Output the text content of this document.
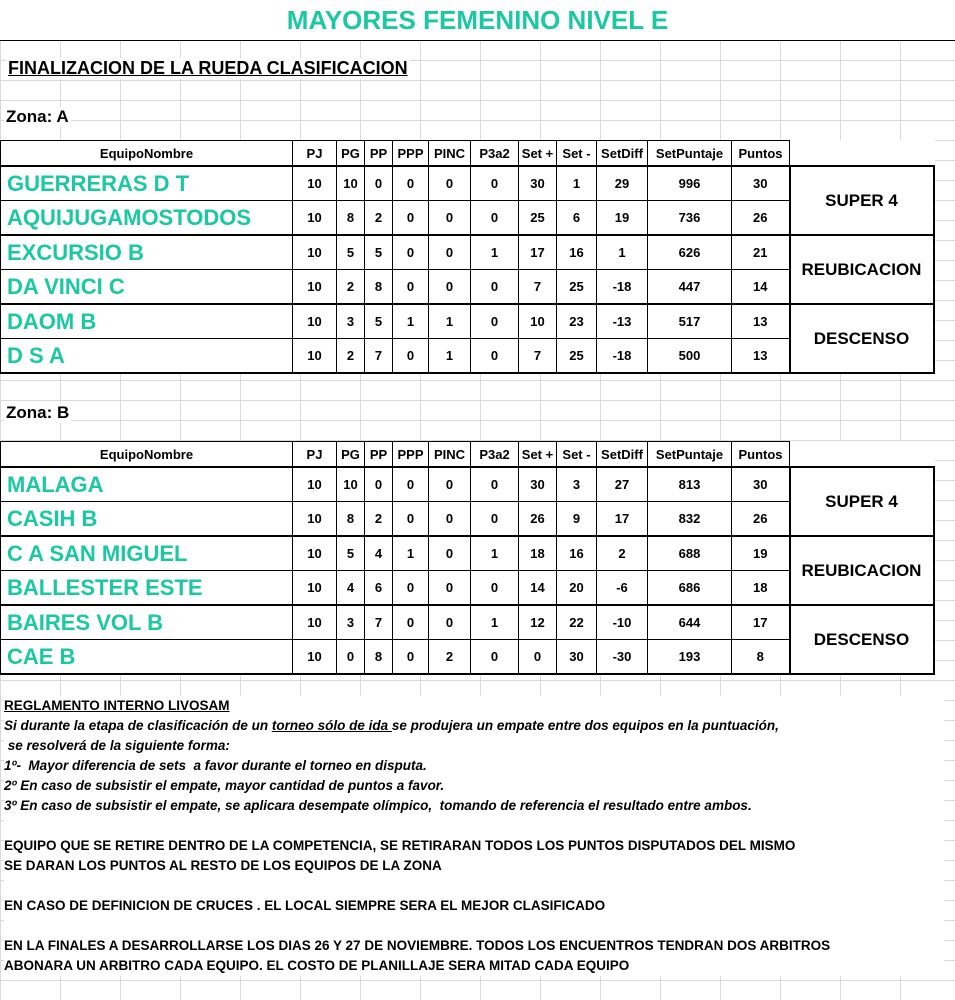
MAYORES FEMENINO NIVEL E
FINALIZACION DE LA RUEDA CLASIFICACION
Zona: A
EquipoNombre	PJ	PG	PP	PPP	PINC	P3a2	Set +	Set -	SetDiff	SetPuntaje	Puntos	
GUERRERAS D T	10	10	0	0	0	0	30	1	29	996	30	SUPER 4
AQUIJUGAMOSTODOS	10	8	2	0	0	0	25	6	19	736	26	
EXCURSIO B	10	5	5	0	0	1	17	16	1	626	21	REUBICACION
DA VINCI C	10	2	8	0	0	0	7	25	-18	447	14	
DAOM B	10	3	5	1	1	0	10	23	-13	517	13	DESCENSO
D S A	10	2	7	0	1	0	7	25	-18	500	13	
Zona: B
EquipoNombre	PJ	PG	PP	PPP	PINC	P3a2	Set +	Set -	SetDiff	SetPuntaje	Puntos	
MALAGA	10	10	0	0	0	0	30	3	27	813	30	SUPER 4
CASIH B	10	8	2	0	0	0	26	9	17	832	26	
C A SAN MIGUEL	10	5	4	1	0	1	18	16	2	688	19	REUBICACION
BALLESTER ESTE	10	4	6	0	0	0	14	20	-6	686	18	
BAIRES VOL B	10	3	7	0	0	1	12	22	-10	644	17	DESCENSO
CAE B	10	0	8	0	2	0	0	30	-30	193	8	
REGLAMENTO INTERNO LIVOSAM
Si durante la etapa de clasificación de un torneo sólo de ida se produjera un empate entre dos equipos en la puntuación,
se resolverá de la siguiente forma:
1º-  Mayor diferencia de sets  a favor durante el torneo en disputa.
2º En caso de subsistir el empate, mayor cantidad de puntos a favor.
3º En caso de subsistir el empate, se aplicara desempate olímpico,  tomando de referencia el resultado entre ambos.
EQUIPO QUE SE RETIRE DENTRO DE LA COMPETENCIA, SE RETIRARAN TODOS LOS PUNTOS DISPUTADOS DEL MISMO
SE DARAN LOS PUNTOS AL RESTO DE LOS EQUIPOS DE LA ZONA
EN CASO DE DEFINICION DE CRUCES . EL LOCAL SIEMPRE SERA EL MEJOR CLASIFICADO
EN LA FINALES A DESARROLLARSE LOS DIAS 26 Y 27 DE NOVIEMBRE. TODOS LOS ENCUENTROS TENDRAN DOS ARBITROS
ABONARA UN ARBITRO CADA EQUIPO. EL COSTO DE PLANILLAJE SERA MITAD CADA EQUIPO
